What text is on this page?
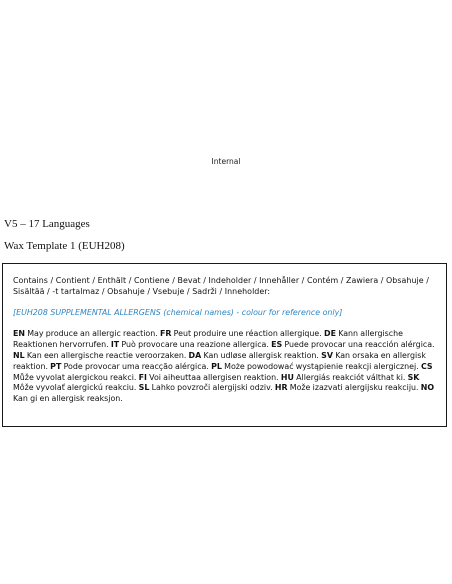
Internal
V5 – 17 Languages
Wax Template 1 (EUH208)

Contains / Contient / Enthält / Contiene / Bevat / Indeholder / Innehåller / Contém / Zawiera / Obsahuje / Sisältää / -t tartalmaz / Obsahuje / Vsebuje / Sadrži / Inneholder:

[EUH208 SUPPLEMENTAL ALLERGENS (chemical names) - colour for reference only]

EN May produce an allergic reaction. FR Peut produire une réaction allergique. DE Kann allergische Reaktionen hervorrufen. IT Può provocare una reazione allergica. ES Puede provocar una reacción alérgica. NL Kan een allergische reactie veroorzaken. DA Kan udløse allergisk reaktion. SV Kan orsaka en allergisk reaktion. PT Pode provocar uma reacção alérgica. PL Może powodować wystąpienie reakcji alergicznej. CS Může vyvolat alergickou reakci. FI Voi aiheuttaa allergisen reaktion. HU Allergiás reakciót válthat ki. SK Môže vyvolať alergickú reakciu. SL Lahko povzroči alergijski odziv. HR Može izazvati alergijsku reakciju. NO Kan gi en allergisk reaksjon.
